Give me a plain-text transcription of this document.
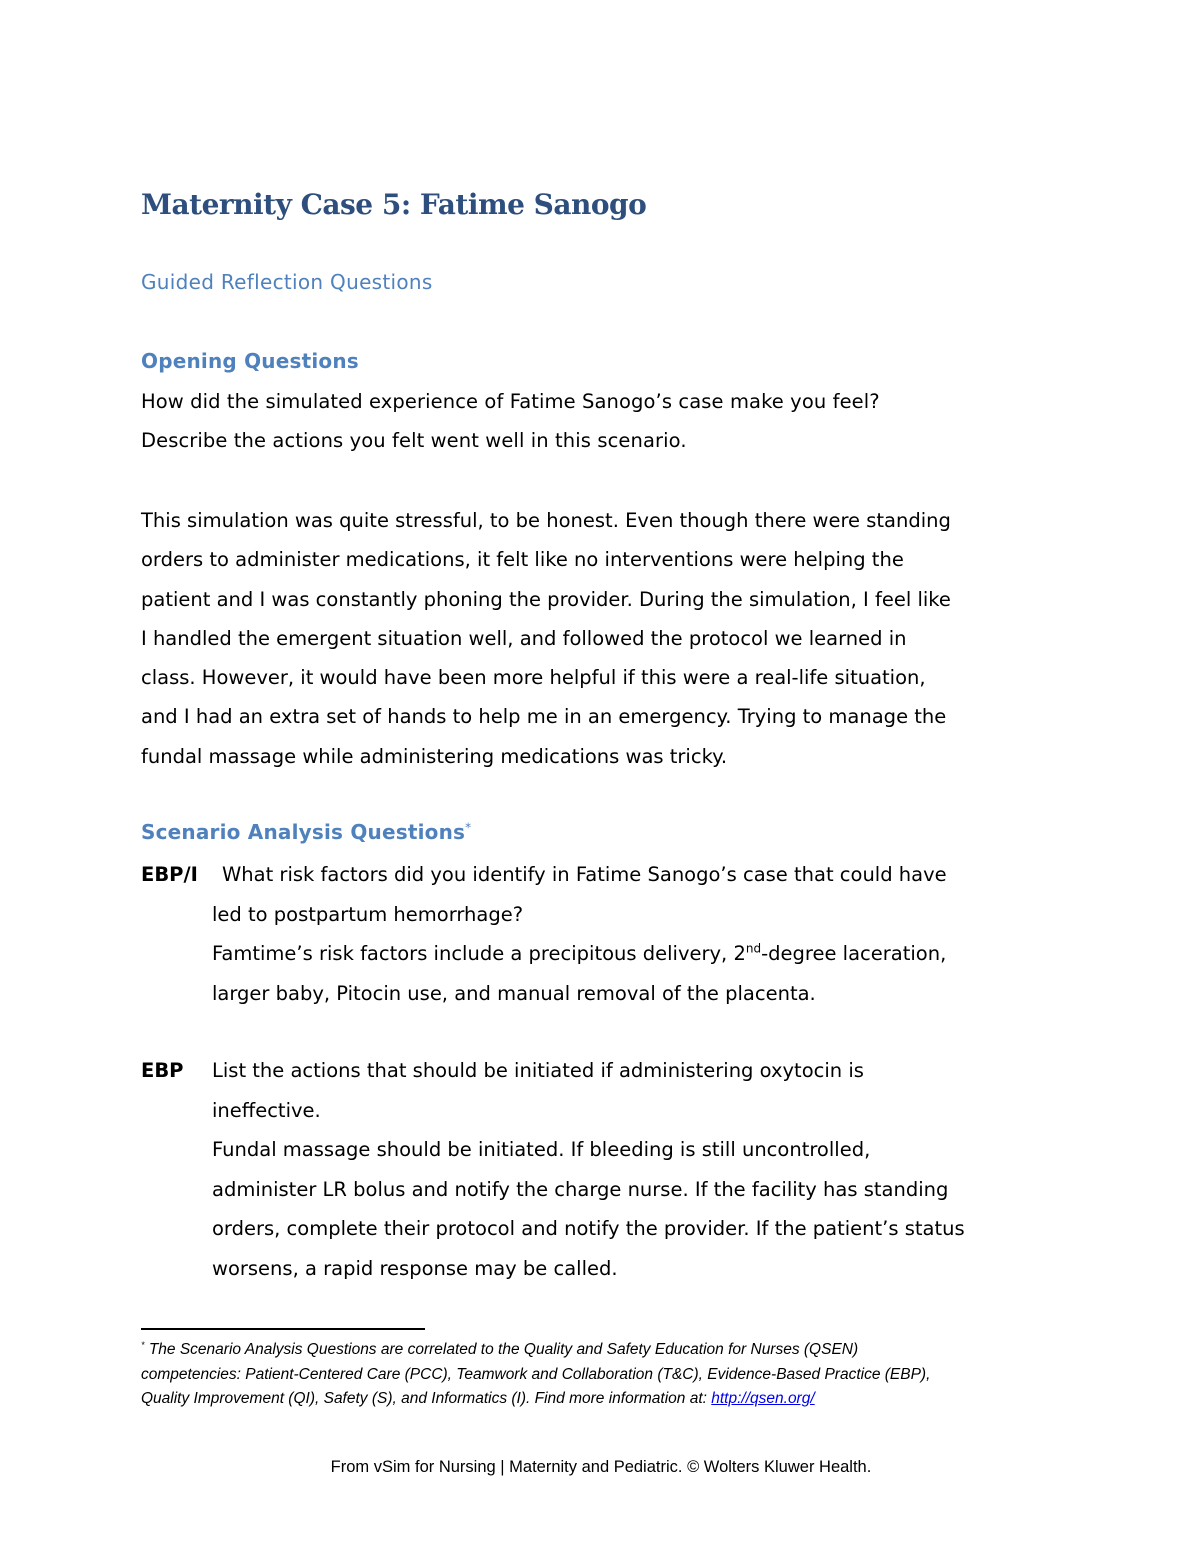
Maternity Case 5: Fatime Sanogo
Guided Reflection Questions
Opening Questions

How did the simulated experience of Fatime Sanogo’s case make you feel?

Describe the actions you felt went well in this scenario.

This simulation was quite stressful, to be honest. Even though there were standing
orders to administer medications, it felt like no interventions were helping the
patient and I was constantly phoning the provider. During the simulation, I feel like
I handled the emergent situation well, and followed the protocol we learned in
class. However, it would have been more helpful if this were a real-life situation,
and I had an extra set of hands to help me in an emergency. Trying to manage the
fundal massage while administering medications was tricky.
Scenario Analysis Questions*
EBP/I	What risk factors did you identify in Fatime Sanogo’s case that could have
led to postpartum hemorrhage?
Famtime’s risk factors include a precipitous delivery, 2nd-degree laceration,
larger baby, Pitocin use, and manual removal of the placenta.
EBP	List the actions that should be initiated if administering oxytocin is
ineffective.
Fundal massage should be initiated. If bleeding is still uncontrolled,
administer LR bolus and notify the charge nurse. If the facility has standing
orders, complete their protocol and notify the provider. If the patient’s status
worsens, a rapid response may be called.
* The Scenario Analysis Questions are correlated to the Quality and Safety Education for Nurses (QSEN)
competencies: Patient-Centered Care (PCC), Teamwork and Collaboration (T&C), Evidence-Based Practice (EBP),
Quality Improvement (QI), Safety (S), and Informatics (I). Find more information at: http://qsen.org/
From vSim for Nursing | Maternity and Pediatric. © Wolters Kluwer Health.
